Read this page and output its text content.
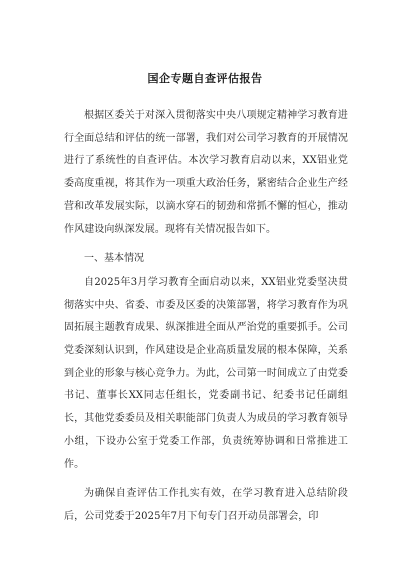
国企专题自查评估报告

根据区委关于对深入贯彻落实中央八项规定精神学习教育进行全面总结和评估的统一部署，我们对公司学习教育的开展情况进行了系统性的自查评估。本次学习教育启动以来，XX铝业党委高度重视，将其作为一项重大政治任务，紧密结合企业生产经营和改革发展实际，以滴水穿石的韧劲和常抓不懈的恒心，推动作风建设向纵深发展。现将有关情况报告如下。

一、基本情况

自2025年3月学习教育全面启动以来，XX铝业党委坚决贯彻落实中央、省委、市委及区委的决策部署，将学习教育作为巩固拓展主题教育成果、纵深推进全面从严治党的重要抓手。公司党委深刻认识到，作风建设是企业高质量发展的根本保障，关系到企业的形象与核心竞争力。为此，公司第一时间成立了由党委书记、董事长XX同志任组长，党委副书记、纪委书记任副组长，其他党委委员及相关职能部门负责人为成员的学习教育领导小组，下设办公室于党委工作部，负责统筹协调和日常推进工作。

为确保自查评估工作扎实有效，在学习教育进入总结阶段后，公司党委于2025年7月下旬专门召开动员部署会，印
